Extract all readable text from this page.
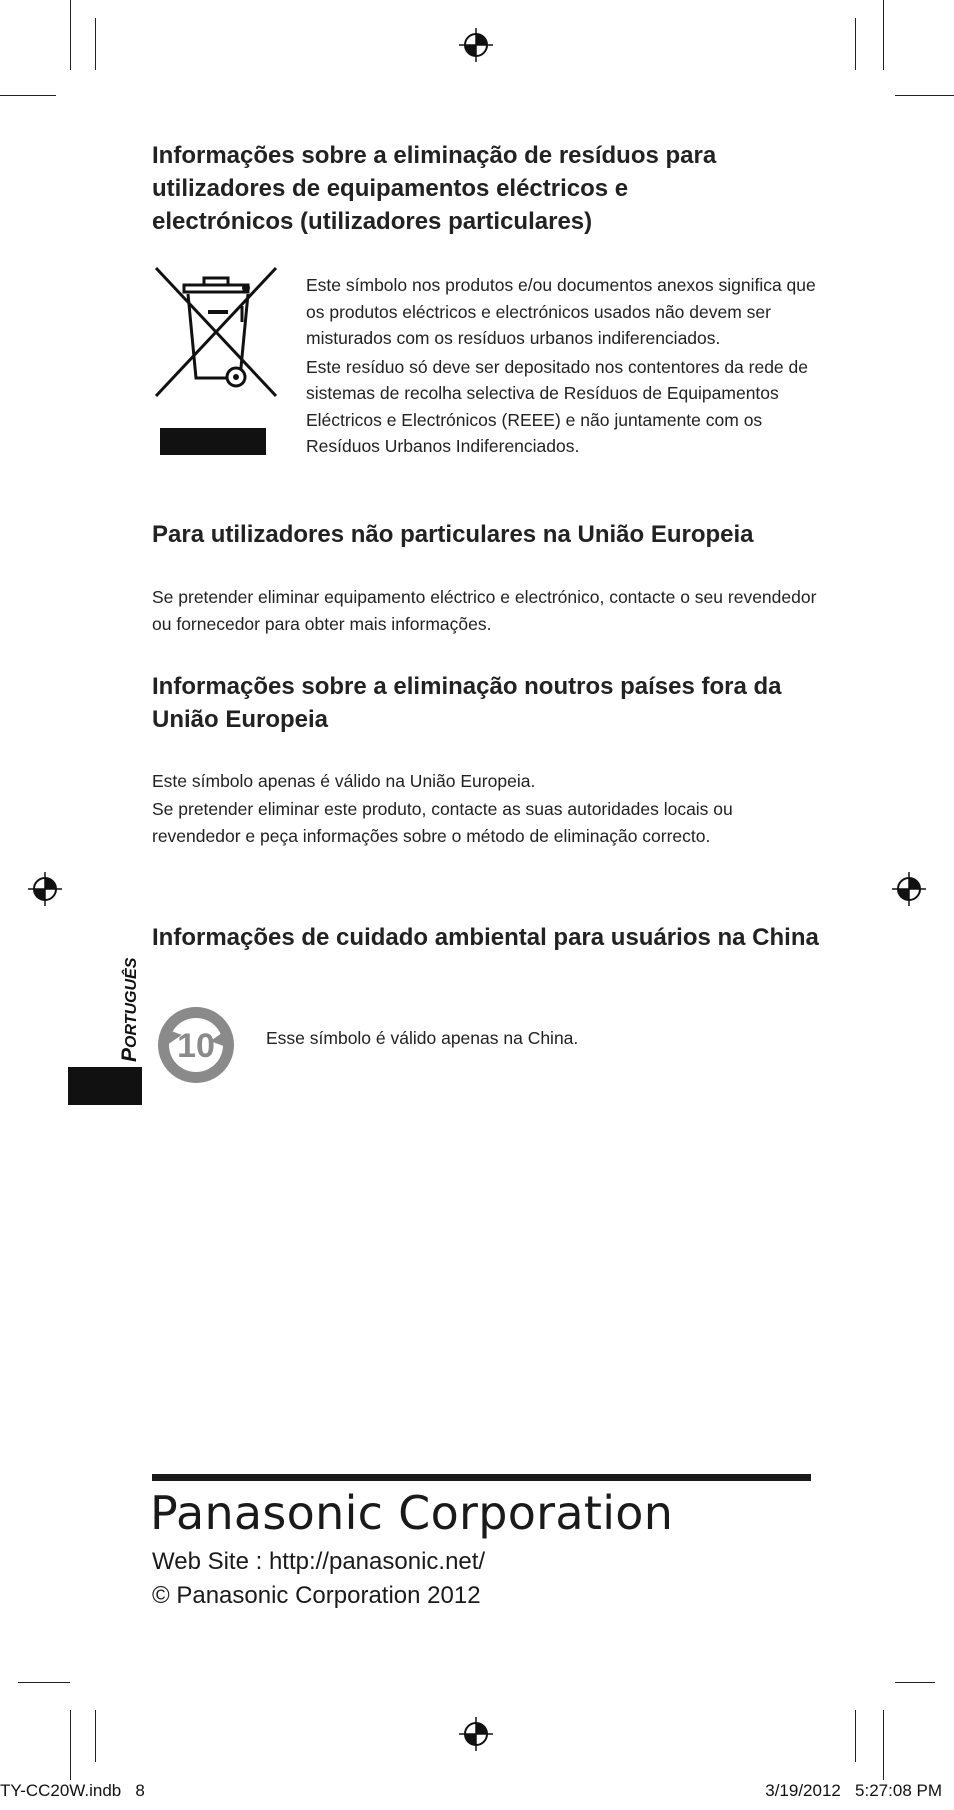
Informações sobre a eliminação de resíduos para utilizadores de equipamentos eléctricos e electrónicos (utilizadores particulares)

Este símbolo nos produtos e/ou documentos anexos significa que os produtos eléctricos e electrónicos usados não devem ser misturados com os resíduos urbanos indiferenciados.

Este resíduo só deve ser depositado nos contentores da rede de sistemas de recolha selectiva de Resíduos de Equipamentos Eléctricos e Electrónicos (REEE) e não juntamente com os Resíduos Urbanos Indiferenciados.

Para utilizadores não particulares na União Europeia

Se pretender eliminar equipamento eléctrico e electrónico, contacte o seu revendedor ou fornecedor para obter mais informações.

Informações sobre a eliminação noutros países fora da União Europeia

Este símbolo apenas é válido na União Europeia.

Se pretender eliminar este produto, contacte as suas autoridades locais ou revendedor e peça informações sobre o método de eliminação correcto.

PORTUGUÊS
Informações de cuidado ambiental para usuários na China
10	Esse símbolo é válido apenas na China.

Panasonic Corporation
Web Site : http://panasonic.net/
© Panasonic Corporation 2012
TY-CC20W.indb   8	3/19/2012   5:27:08 PM
